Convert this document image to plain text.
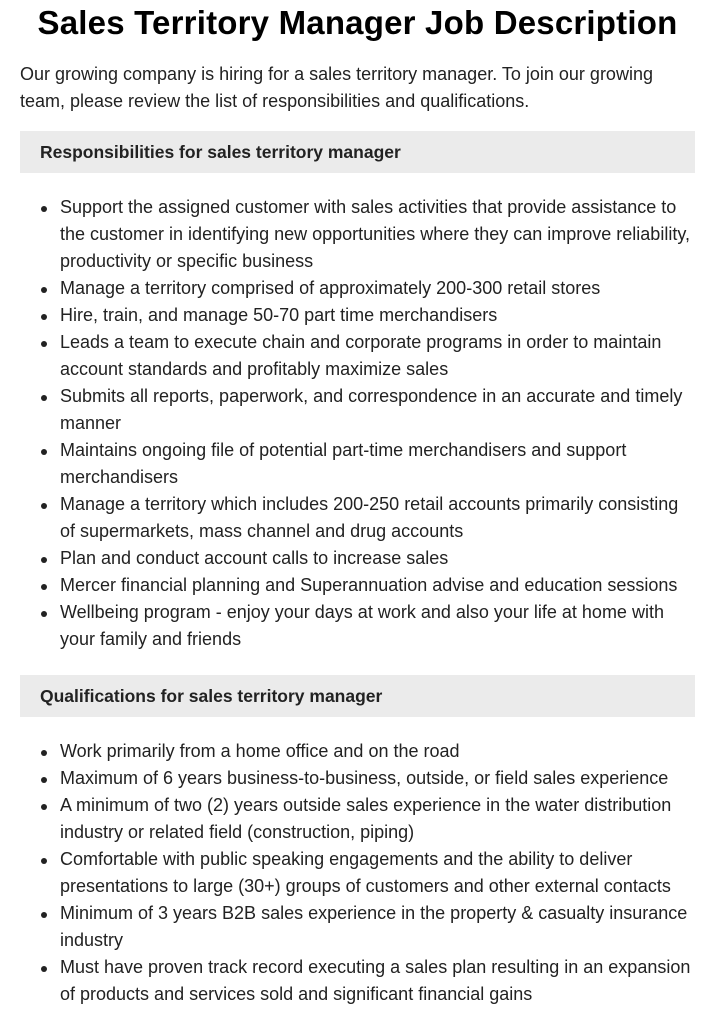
Sales Territory Manager Job Description

Our growing company is hiring for a sales territory manager. To join our growing team, please review the list of responsibilities and qualifications.

Responsibilities for sales territory manager
Support the assigned customer with sales activities that provide assistance to the customer in identifying new opportunities where they can improve reliability, productivity or specific business
Manage a territory comprised of approximately 200-300 retail stores
Hire, train, and manage 50-70 part time merchandisers
Leads a team to execute chain and corporate programs in order to maintain account standards and profitably maximize sales
Submits all reports, paperwork, and correspondence in an accurate and timely manner
Maintains ongoing file of potential part-time merchandisers and support merchandisers
Manage a territory which includes 200-250 retail accounts primarily consisting of supermarkets, mass channel and drug accounts
Plan and conduct account calls to increase sales
Mercer financial planning and Superannuation advise and education sessions
Wellbeing program - enjoy your days at work and also your life at home with your family and friends
Qualifications for sales territory manager
Work primarily from a home office and on the road
Maximum of 6 years business-to-business, outside, or field sales experience
A minimum of two (2) years outside sales experience in the water distribution industry or related field (construction, piping)
Comfortable with public speaking engagements and the ability to deliver presentations to large (30+) groups of customers and other external contacts
Minimum of 3 years B2B sales experience in the property & casualty insurance industry
Must have proven track record executing a sales plan resulting in an expansion of products and services sold and significant financial gains
